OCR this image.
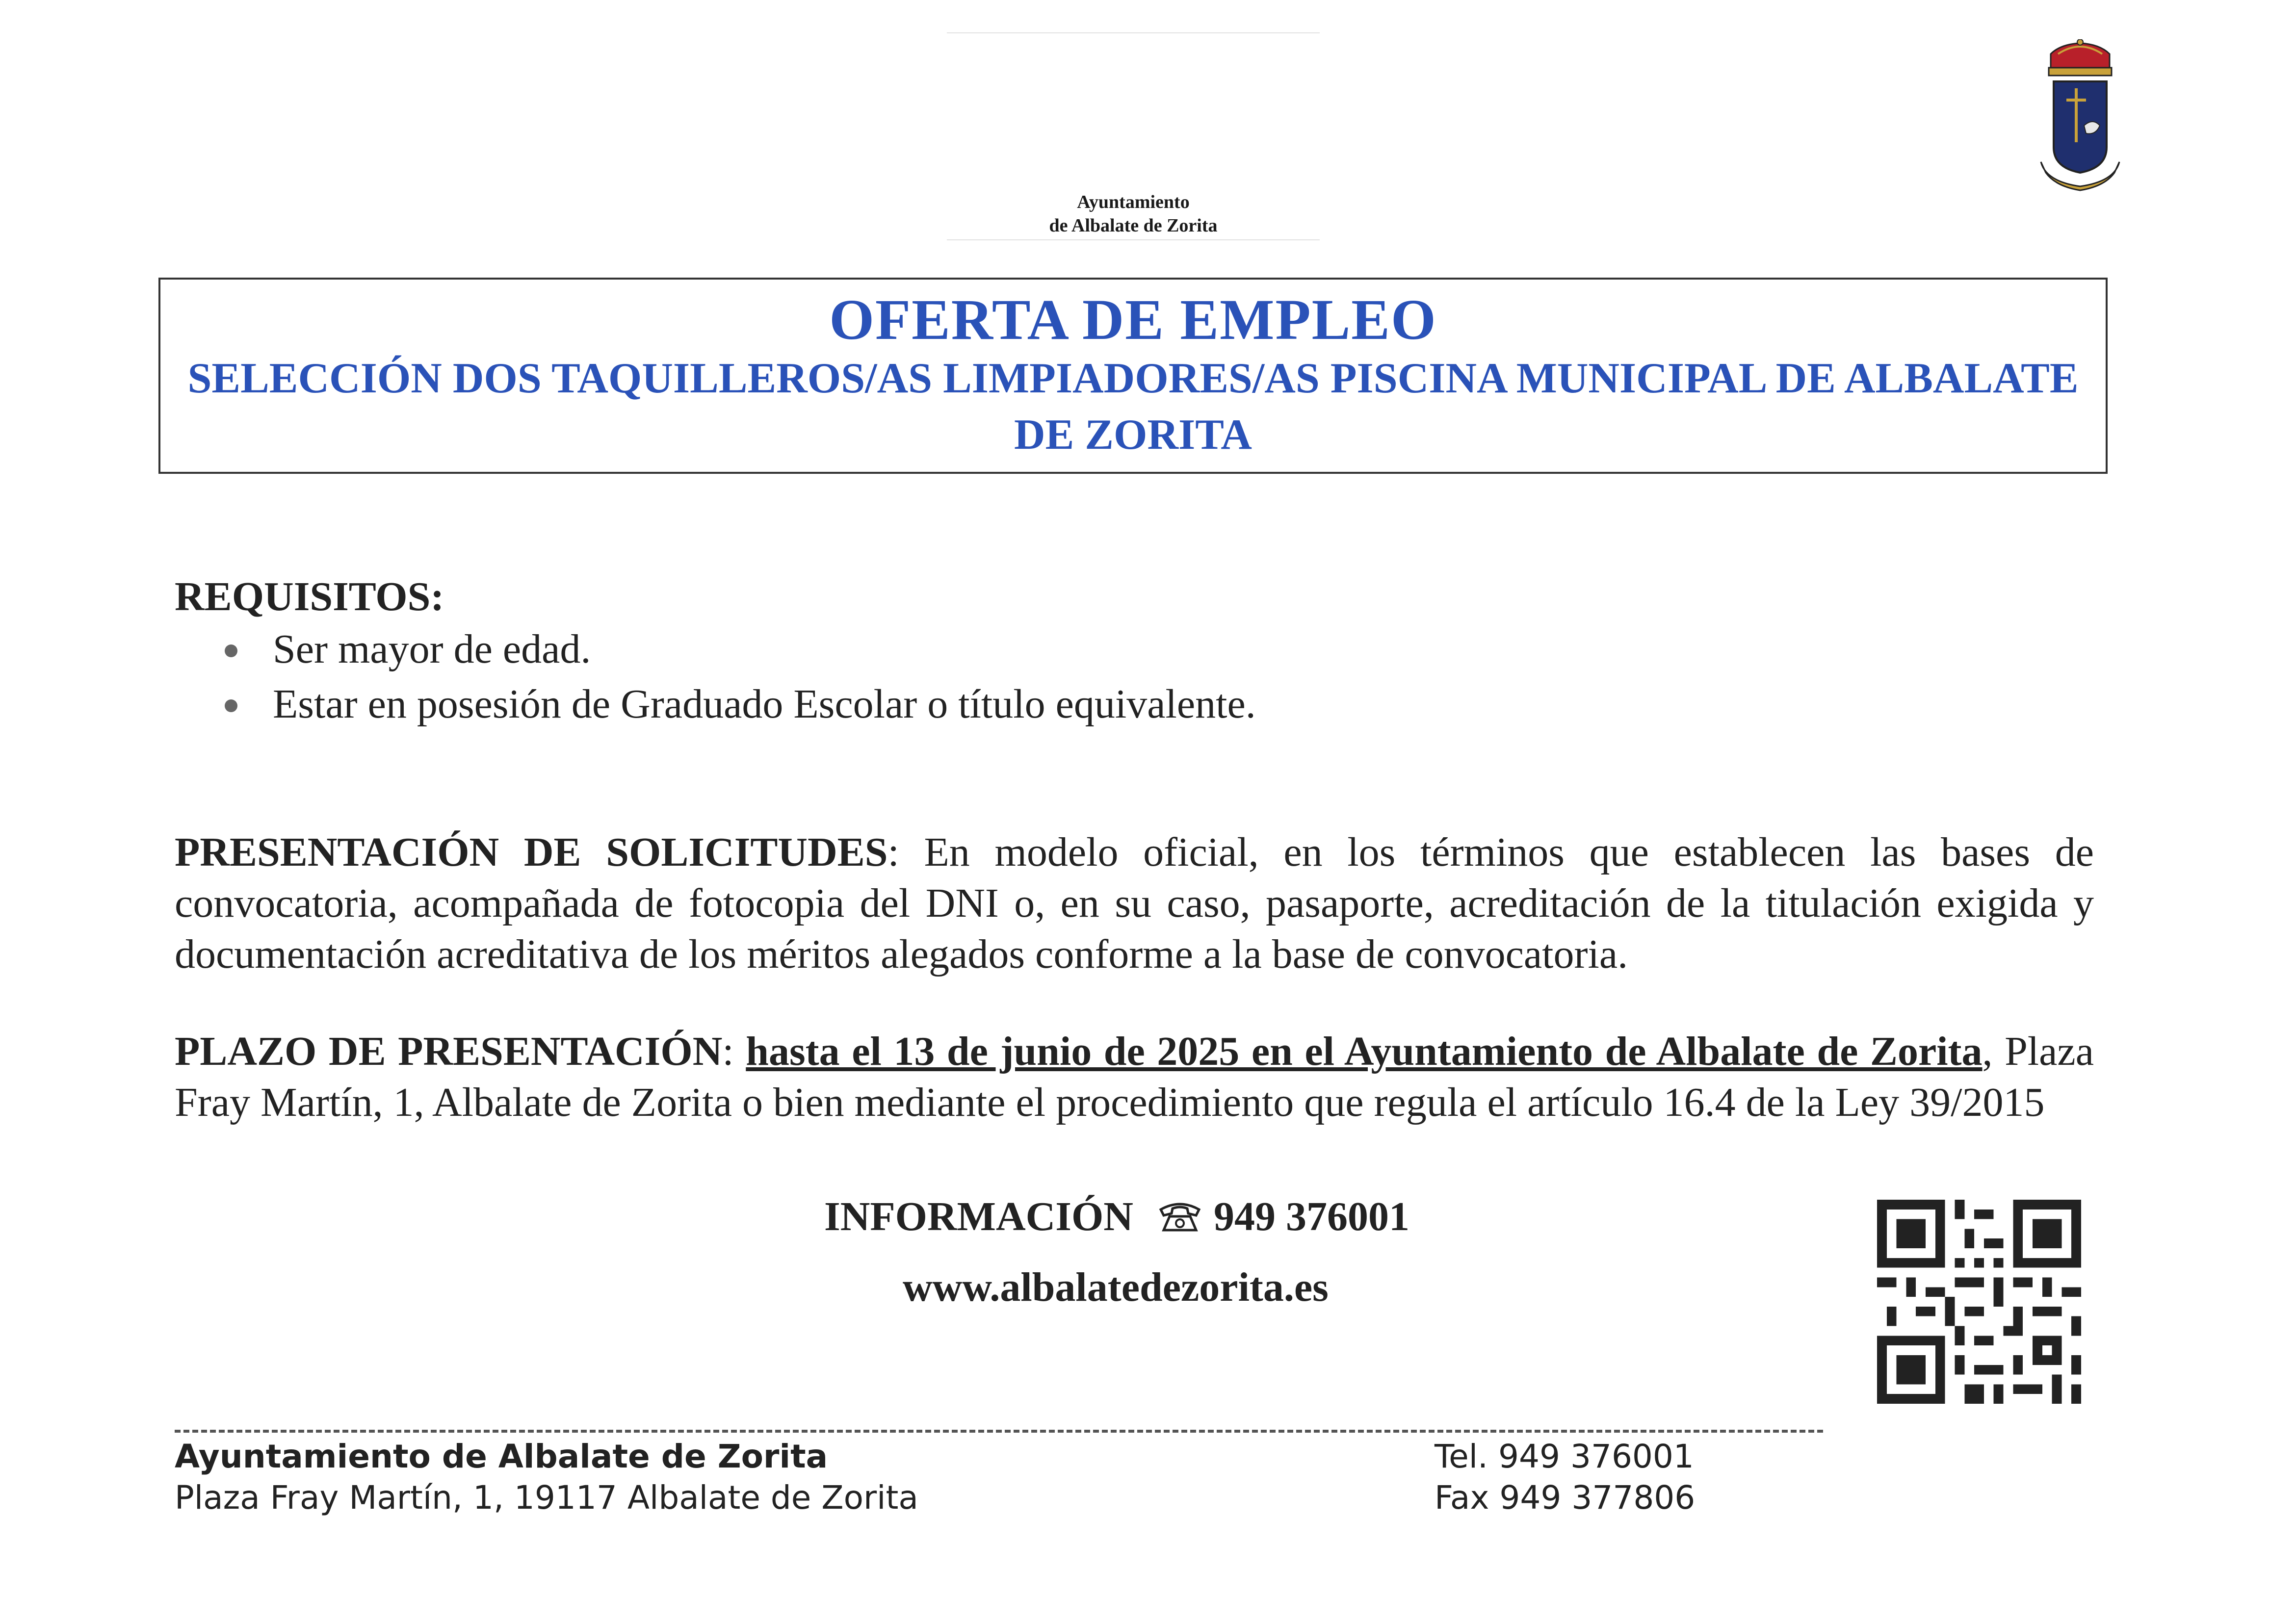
Ayuntamiento
de Albalate de Zorita
OFERTA DE EMPLEO
SELECCIÓN DOS TAQUILLEROS/AS LIMPIADORES/AS PISCINA MUNICIPAL DE ALBALATE DE ZORITA
REQUISITOS:
Ser mayor de edad.
Estar en posesión de Graduado Escolar o título equivalente.
PRESENTACIÓN DE SOLICITUDES: En modelo oficial, en los términos que establecen las bases de convocatoria, acompañada de fotocopia del DNI o, en su caso, pasaporte, acreditación de la titulación exigida y documentación acreditativa de los méritos alegados conforme a la base de convocatoria.
PLAZO DE PRESENTACIÓN: hasta el 13 de junio de 2025 en el Ayuntamiento de Albalate de Zorita, Plaza Fray Martín, 1, Albalate de Zorita o bien mediante el procedimiento que regula el artículo 16.4 de la Ley 39/2015
INFORMACIÓN 949 376001
www.albalatedezorita.es
Ayuntamiento de Albalate de Zorita
Plaza Fray Martín, 1, 19117 Albalate de Zorita
Tel. 949 376001
Fax 949 377806
